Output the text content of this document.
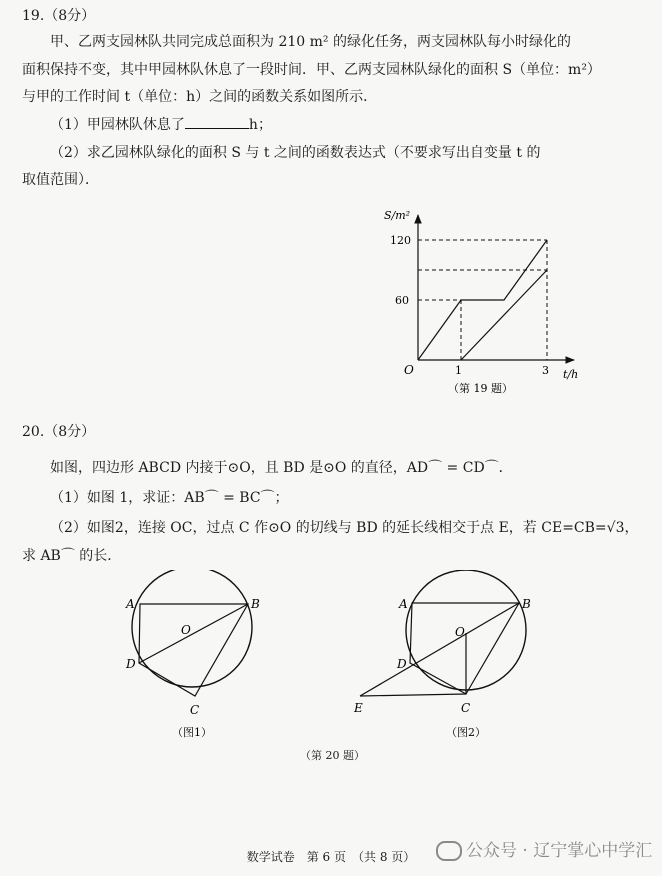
19.（8分）
甲、乙两支园林队共同完成总面积为 210 m² 的绿化任务，两支园林队每小时绿化的
面积保持不变，其中甲园林队休息了一段时间．甲、乙两支园林队绿化的面积 S（单位：m²）
与甲的工作时间 t（单位：h）之间的函数关系如图所示．
（1）甲园林队休息了	h；
（2）求乙园林队绿化的面积 S 与 t 之间的函数表达式（不要求写出自变量 t 的
取值范围）．
S/m²
t/h
O
60
120
1	3
（第 19 题）
20.（8分）
如图，四边形 ABCD 内接于⊙O，且 BD 是⊙O 的直径，AD⌒ = CD⌒．
（1）如图 1，求证：AB⌒ = BC⌒；
（2）如图2，连接 OC，过点 C 作⊙O 的切线与 BD 的延长线相交于点 E，若 CE=CB=√3，
求 AB⌒ 的长．
A	B
O
D
C
（图1）
A	B
O
D
C
E
（图2）
（第 20 题）
公众号 · 辽宁掌心中学汇
数学试卷　第 6 页　（共 8 页）
